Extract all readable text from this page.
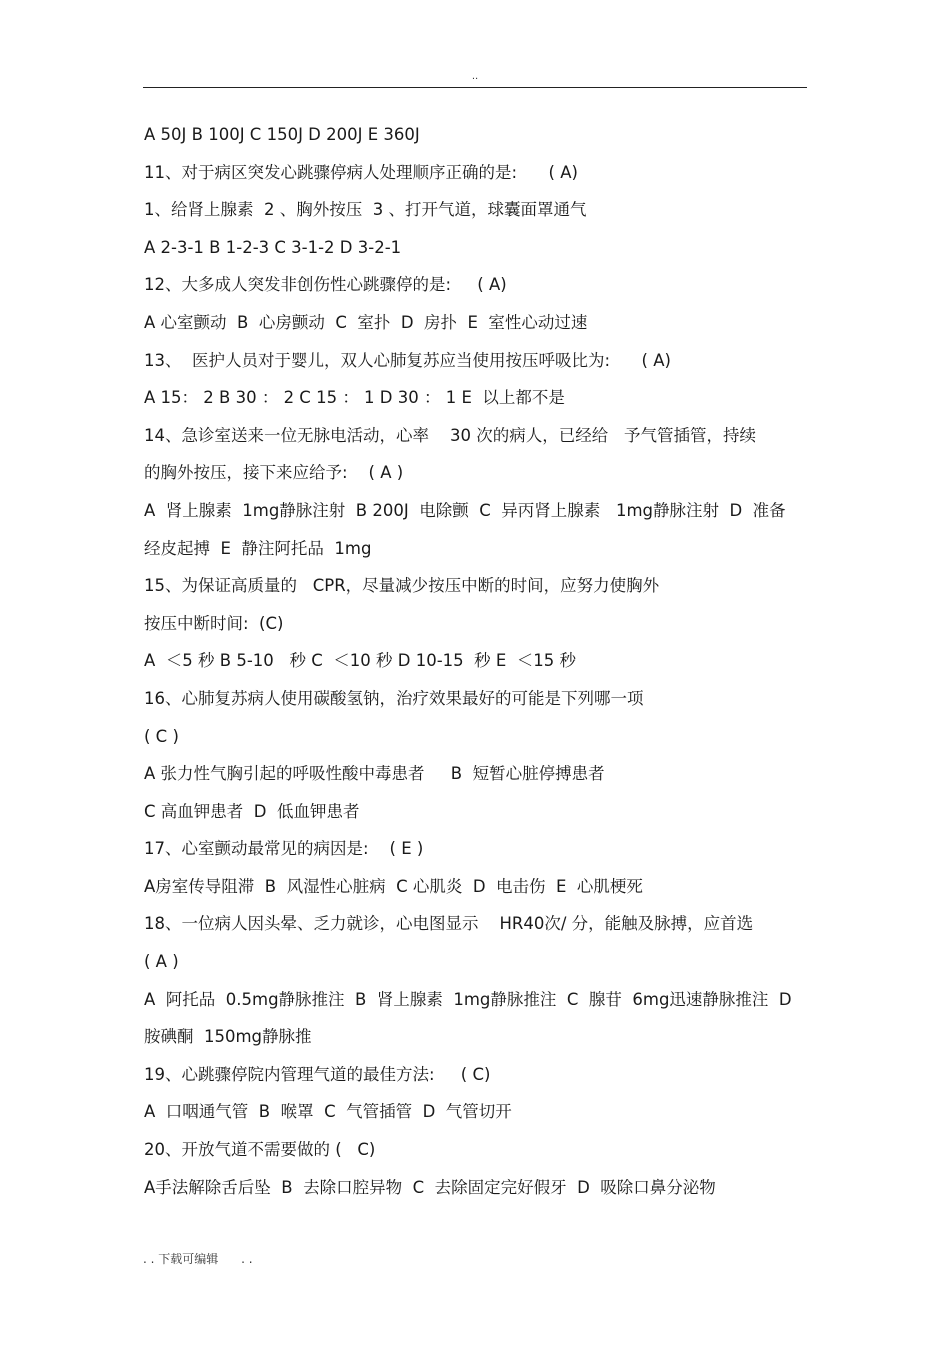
..
A 50J B 100J C 150J D 200J E 360J
11、对于病区突发心跳骤停病人处理顺序正确的是:      ( A)
1、给肾上腺素  2 、胸外按压  3 、打开气道，球囊面罩通气
A 2-3-1 B 1-2-3 C 3-1-2 D 3-2-1
12、大多成人突发非创伤性心跳骤停的是:     ( A)
A 心室颤动  B  心房颤动  C  室扑  D  房扑  E  室性心动过速
13、  医护人员对于婴儿，双人心肺复苏应当使用按压呼吸比为:      ( A)
A 15： 2 B 30 ： 2 C 15 ： 1 D 30 ： 1 E  以上都不是
14、急诊室送来一位无脉电活动，心率    30 次的病人，已经给   予气管插管，持续
的胸外按压，接下来应给予:    ( A )
A  肾上腺素  1mg静脉注射  B 200J  电除颤  C  异丙肾上腺素   1mg静脉注射  D  准备
经皮起搏  E  静注阿托品  1mg
15、为保证高质量的   CPR，尽量减少按压中断的时间，应努力使胸外
按压中断时间:  (C)
A  ＜5 秒 B 5-10   秒 C  ＜10 秒 D 10-15  秒 E  ＜15 秒
16、心肺复苏病人使用碳酸氢钠，治疗效果最好的可能是下列哪一项
( C )
A 张力性气胸引起的呼吸性酸中毒患者     B  短暂心脏停搏患者
C 高血钾患者  D  低血钾患者
17、心室颤动最常见的病因是:    ( E )
A房室传导阻滞  B  风湿性心脏病  C 心肌炎  D  电击伤  E  心肌梗死
18、一位病人因头晕、乏力就诊，心电图显示    HR40次/ 分，能触及脉搏，应首选
( A )
A  阿托品  0.5mg静脉推注  B  肾上腺素  1mg静脉推注  C  腺苷  6mg迅速静脉推注  D
胺碘酮  150mg静脉推
19、心跳骤停院内管理气道的最佳方法:     ( C)
A  口咽通气管  B  喉罩  C  气管插管  D  气管切开
20、开放气道不需要做的 (   C)
A手法解除舌后坠  B  去除口腔异物  C  去除固定完好假牙  D  吸除口鼻分泌物
. . 下载可编辑      . .
